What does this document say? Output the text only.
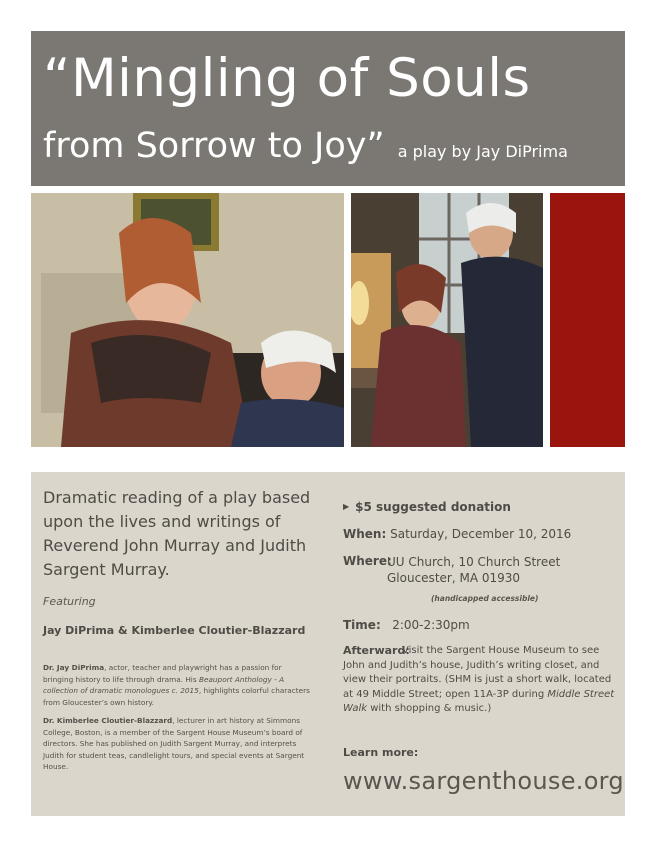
“Mingling of Souls
from Sorrow to Joy” a play by Jay DiPrima
Dramatic reading of a play based upon the lives and writings of Reverend John Murray and Judith Sargent Murray.
Featuring
Jay DiPrima & Kimberlee Cloutier-Blazzard
Dr. Jay DiPrima, actor, teacher and playwright has a passion for bringing history to life through drama. His Beauport Anthology - A collection of dramatic monologues c. 2015, highlights colorful characters from Gloucester’s own history.
Dr. Kimberlee Cloutier-Blazzard, lecturer in art history at Simmons College, Boston, is a member of the Sargent House Museum’s board of directors. She has published on Judith Sargent Murray, and interprets Judith for student teas, candlelight tours, and special events at Sargent House.
▶ $5 suggested donation
When: Saturday, December 10, 2016
Where:
UU Church, 10 Church Street
Gloucester, MA 01930
(handicapped accessible)
Time: 2:00-2:30pm
Afterward:
Visit the Sargent House Museum to see John and Judith’s house, Judith’s writing closet, and view their portraits. (SHM is just a short walk, located at 49 Middle Street; open 11A-3P during Middle Street Walk with shopping & music.)
Learn more:
www.sargenthouse.org
